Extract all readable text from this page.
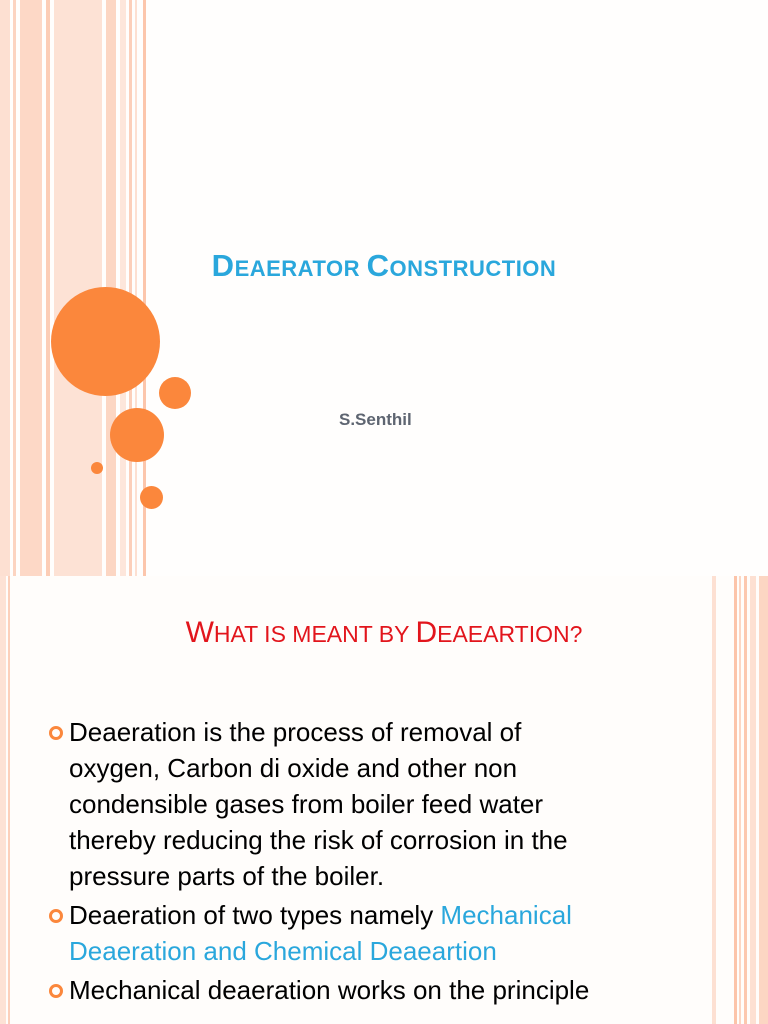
DEAERATOR CONSTRUCTION
S.Senthil
WHAT IS MEANT BY DEAEARTION?
Deaeration is the process of removal of
oxygen, Carbon di oxide and other non
condensible gases from boiler feed water
thereby reducing the risk of corrosion in the
pressure parts of the boiler.
Deaeration of two types namely Mechanical
Deaeration and Chemical Deaeartion
Mechanical deaeration works on the principle
